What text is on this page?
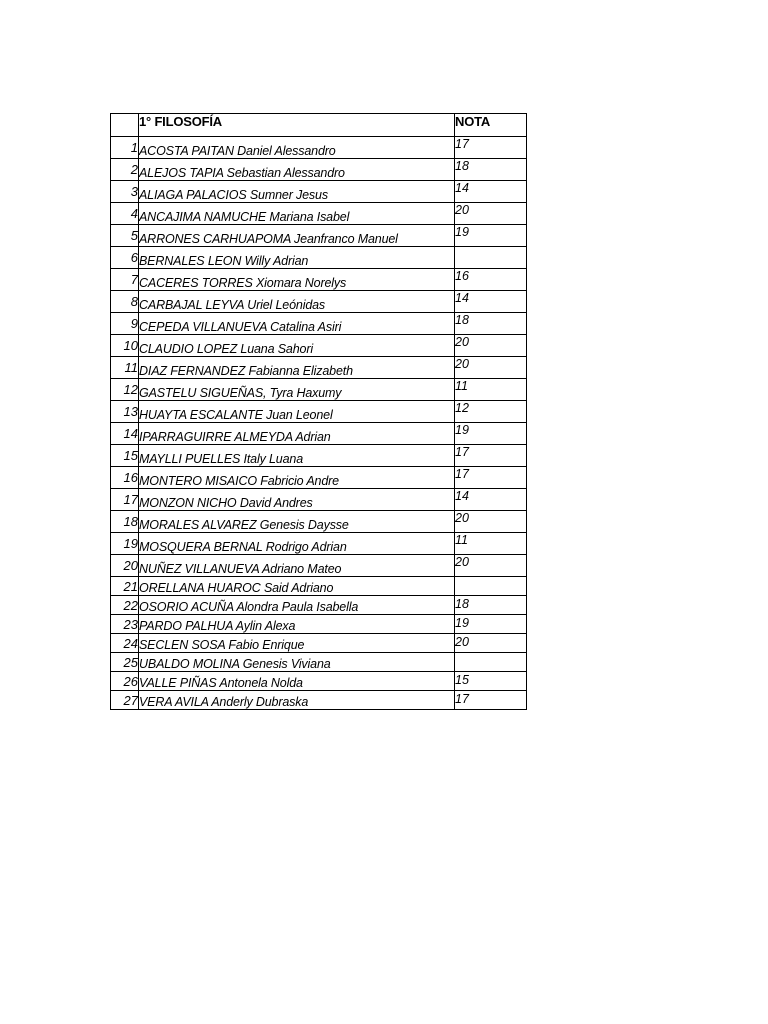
	1° FILOSOFÍA	NOTA
1	ACOSTA PAITAN Daniel Alessandro	17
2	ALEJOS TAPIA Sebastian Alessandro	18
3	ALIAGA PALACIOS Sumner Jesus	14
4	ANCAJIMA NAMUCHE Mariana Isabel	20
5	ARRONES CARHUAPOMA Jeanfranco Manuel	19
6	BERNALES LEON Willy Adrian	
7	CACERES TORRES Xiomara Norelys	16
8	CARBAJAL LEYVA Uriel Leónidas	14
9	CEPEDA VILLANUEVA Catalina Asiri	18
10	CLAUDIO LOPEZ Luana Sahori	20
11	DIAZ FERNANDEZ Fabianna Elizabeth	20
12	GASTELU SIGUEÑAS, Tyra Haxumy	11
13	HUAYTA ESCALANTE Juan Leonel	12
14	IPARRAGUIRRE ALMEYDA Adrian	19
15	MAYLLI PUELLES Italy Luana	17
16	MONTERO MISAICO Fabricio Andre	17
17	MONZON NICHO David Andres	14
18	MORALES ALVAREZ Genesis Daysse	20
19	MOSQUERA BERNAL Rodrigo Adrian	11
20	NUÑEZ VILLANUEVA Adriano Mateo	20
21	ORELLANA HUAROC Said Adriano	
22	OSORIO ACUÑA Alondra Paula Isabella	18
23	PARDO PALHUA Aylin Alexa	19
24	SECLEN SOSA Fabio Enrique	20
25	UBALDO MOLINA Genesis Viviana	
26	VALLE PIÑAS Antonela Nolda	15
27	VERA AVILA Anderly Dubraska	17
